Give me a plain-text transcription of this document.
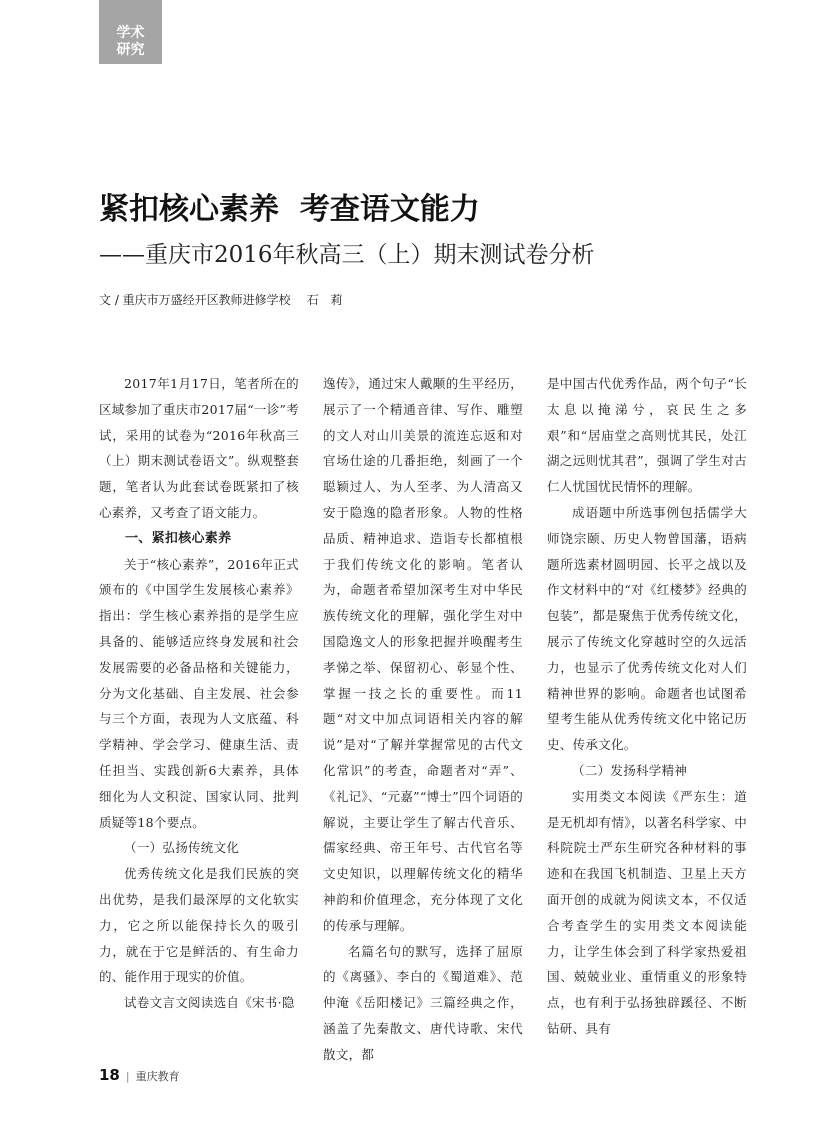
学术
研究
紧扣核心素养  考查语文能力
——重庆市2016年秋高三（上）期末测试卷分析
文 / 重庆市万盛经开区教师进修学校 石 莉

2017年1月17日，笔者所在的区域参加了重庆市2017届“一诊”考试，采用的试卷为“2016年秋高三（上）期末测试卷语文”。纵观整套题，笔者认为此套试卷既紧扣了核心素养，又考查了语文能力。

一、紧扣核心素养

关于“核心素养”，2016年正式颁布的《中国学生发展核心素养》指出：学生核心素养指的是学生应具备的、能够适应终身发展和社会发展需要的必备品格和关键能力，分为文化基础、自主发展、社会参与三个方面，表现为人文底蕴、科学精神、学会学习、健康生活、责任担当、实践创新6大素养，具体细化为人文积淀、国家认同、批判质疑等18个要点。

（一）弘扬传统文化

优秀传统文化是我们民族的突出优势，是我们最深厚的文化软实力，它之所以能保持长久的吸引力，就在于它是鲜活的、有生命力的、能作用于现实的价值。

试卷文言文阅读选自《宋书·隐

逸传》，通过宋人戴颙的生平经历，展示了一个精通音律、写作、雕塑的文人对山川美景的流连忘返和对官场仕途的几番拒绝，刻画了一个聪颖过人、为人至孝、为人清高又安于隐逸的隐者形象。人物的性格品质、精神追求、造诣专长都植根于我们传统文化的影响。笔者认为，命题者希望加深考生对中华民族传统文化的理解，强化学生对中国隐逸文人的形象把握并唤醒考生孝悌之举、保留初心、彰显个性、掌握一技之长的重要性。而11题“对文中加点词语相关内容的解说”是对“了解并掌握常见的古代文化常识”的考查，命题者对“弄”、《礼记》、“元嘉”“博士”四个词语的解说，主要让学生了解古代音乐、儒家经典、帝王年号、古代官名等文史知识，以理解传统文化的精华神韵和价值理念，充分体现了文化的传承与理解。

名篇名句的默写，选择了屈原的《离骚》、李白的《蜀道难》、范仲淹《岳阳楼记》三篇经典之作，涵盖了先秦散文、唐代诗歌、宋代散文，都

是中国古代优秀作品，两个句子“长太息以掩涕兮，哀民生之多艰”和“居庙堂之高则忧其民，处江湖之远则忧其君”，强调了学生对古仁人忧国忧民情怀的理解。

成语题中所选事例包括儒学大师饶宗颐、历史人物曾国藩，语病题所选素材圆明园、长平之战以及作文材料中的“对《红楼梦》经典的包装”，都是聚焦于优秀传统文化，展示了传统文化穿越时空的久远活力，也显示了优秀传统文化对人们精神世界的影响。命题者也试图希望考生能从优秀传统文化中铭记历史、传承文化。

（二）发扬科学精神

实用类文本阅读《严东生：道是无机却有情》，以著名科学家、中科院院士严东生研究各种材料的事迹和在我国飞机制造、卫星上天方面开创的成就为阅读文本，不仅适合考查学生的实用类文本阅读能力，让学生体会到了科学家热爱祖国、兢兢业业、重情重义的形象特点，也有利于弘扬独辟蹊径、不断钻研、具有

18 | 重庆教育
